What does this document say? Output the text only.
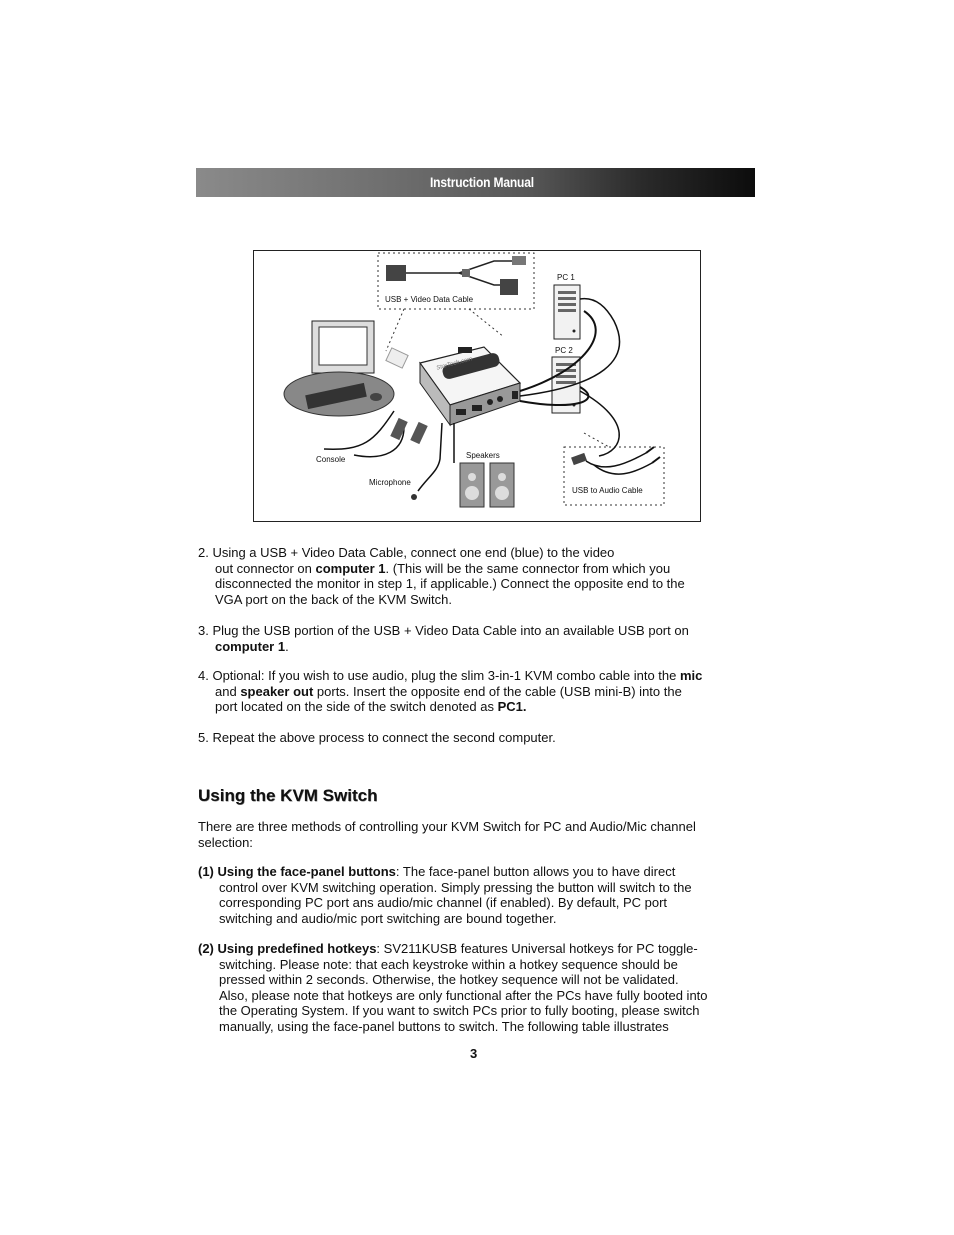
Instruction Manual
USB + Video Data Cable
PC 1
PC 2
Speakers
Console
Microphone
USB to Audio Cable
StarTech.com
2. Using a USB + Video Data Cable, connect one end (blue) to the video
out connector on computer 1. (This will be the same connector from which you
disconnected the monitor in step 1, if applicable.) Connect the opposite end to the
VGA port on the back of the KVM Switch.
3. Plug the USB portion of the USB + Video Data Cable into an available USB port on
computer 1.
4. Optional: If you wish to use audio, plug the slim 3-in-1 KVM combo cable into the mic
and speaker out ports. Insert the opposite end of the cable (USB mini-B) into the
port located on the side of the switch denoted as PC1.
5. Repeat the above process to connect the second computer.
Using the KVM Switch
There are three methods of controlling your KVM Switch for PC and Audio/Mic channel
selection:
(1) Using the face-panel buttons: The face-panel button allows you to have direct
control over KVM switching operation. Simply pressing the button will switch to the
corresponding PC port ans audio/mic channel (if enabled). By default, PC port
switching and audio/mic port switching are bound together.
(2) Using predefined hotkeys: SV211KUSB features Universal hotkeys for PC toggle-
switching. Please note: that each keystroke within a hotkey sequence should be
pressed within 2 seconds. Otherwise, the hotkey sequence will not be validated.
Also, please note that hotkeys are only functional after the PCs have fully booted into
the Operating System. If you want to switch PCs prior to fully booting, please switch
manually, using the face-panel buttons to switch. The following table illustrates
3
